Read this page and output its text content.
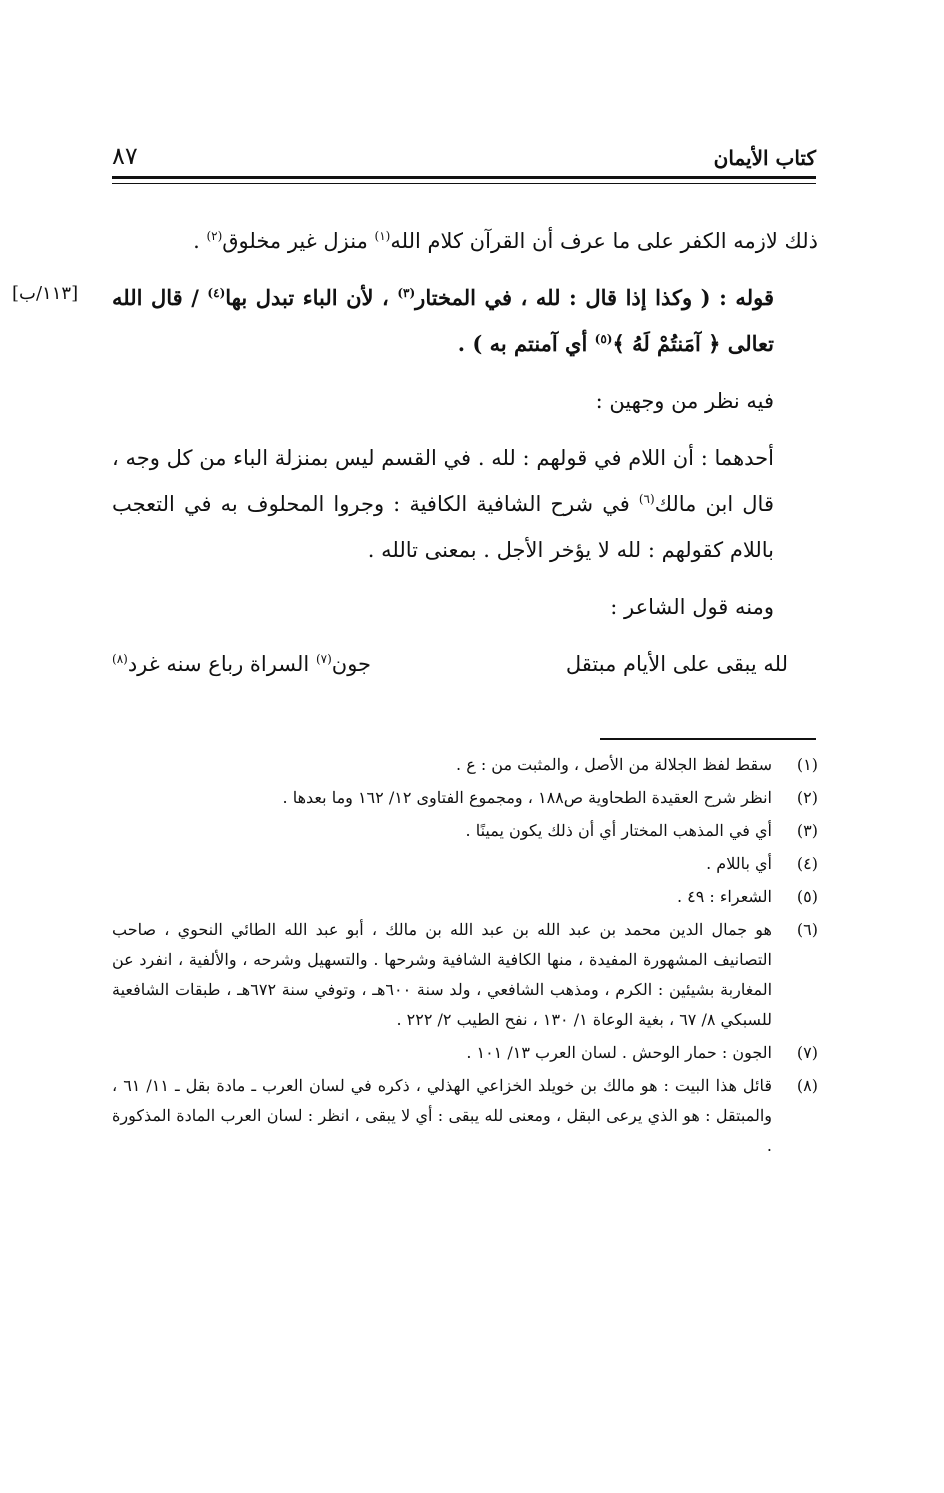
٨٧	كتاب الأيمان
[١١٣/ب]

ذلك لازمه الكفر على ما عرف أن القرآن كلام الله$^{(١)}$ منزل غير مخلوق$^{(٢)}$ .

قوله : ( وكذا إذا قال : لله ، في المختار$^{(٣)}$ ، لأن الباء تبدل بها$^{(٤)}$ / قال الله تعالى ﴿ آمَنتُمْ لَهُ ﴾$^{(٥)}$ أي آمنتم به ) .

فيه نظر من وجهين :

أحدهما : أن اللام في قولهم : لله . في القسم ليس بمنزلة الباء من كل وجه ، قال ابن مالك$^{(٦)}$ في شرح الشافية الكافية : وجروا المحلوف به في التعجب باللام كقولهم : لله لا يؤخر الأجل . بمعنى تالله .

ومنه قول الشاعر :

لله يبقى على الأيام مبتقل
جون$^{(٧)}$ السراة رباع سنه غرد$^{(٨)}$
(١)
سقط لفظ الجلالة من الأصل ، والمثبت من : ع .
(٢)
انظر شرح العقيدة الطحاوية ص١٨٨ ، ومجموع الفتاوى ١٢/ ١٦٢ وما بعدها .
(٣)
أي في المذهب المختار أي أن ذلك يكون يمينًا .
(٤)
أي باللام .
(٥)
الشعراء : ٤٩ .
(٦)
هو جمال الدين محمد بن عبد الله بن عبد الله بن مالك ، أبو عبد الله الطائي النحوي ، صاحب التصانيف المشهورة المفيدة ، منها الكافية الشافية وشرحها . والتسهيل وشرحه ، والألفية ، انفرد عن المغاربة بشيئين : الكرم ، ومذهب الشافعي ، ولد سنة ٦٠٠هـ ، وتوفي سنة ٦٧٢هـ ، طبقات الشافعية للسبكي ٨/ ٦٧ ، بغية الوعاة ١/ ١٣٠ ، نفح الطيب ٢/ ٢٢٢ .
(٧)
الجون : حمار الوحش . لسان العرب ١٣/ ١٠١ .
(٨)
قائل هذا البيت : هو مالك بن خويلد الخزاعي الهذلي ، ذكره في لسان العرب ـ مادة بقل ـ ١١/ ٦١ ، والمبتقل : هو الذي يرعى البقل ، ومعنى لله يبقى : أي لا يبقى ، انظر : لسان العرب المادة المذكورة .
